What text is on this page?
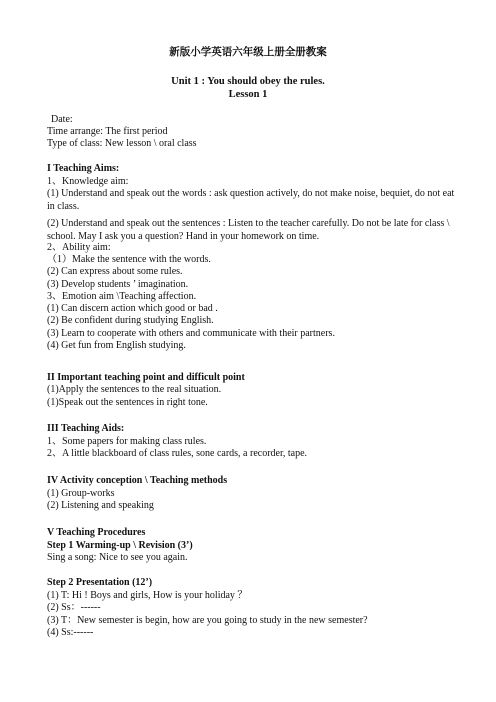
新版小学英语六年级上册全册教案
Unit 1 : You should obey the rules.
Lesson 1
Date:
Time arrange: The first period
Type of class: New lesson \ oral class
I Teaching Aims:
1、Knowledge aim:
(1) Understand and speak out the words : ask question actively, do not make noise, bequiet, do not eat in class.
(2) Understand and speak out the sentences : Listen to the teacher carefully. Do not be late for class \ school. May I ask you a question? Hand in your homework on time.
2、Ability aim:
（1）Make the sentence with the words.
(2) Can express about some rules.
(3) Develop students ’ imagination.
3、Emotion aim \Teaching affection.
(1) Can discern action which good or bad .
(2) Be confident during studying English.
(3) Learn to cooperate with others and communicate with their partners.
(4) Get fun from English studying.
II Important teaching point and difficult point
(1)Apply the sentences to the real situation.
(1)Speak out the sentences in right tone.
III Teaching Aids:
1、Some papers for making class rules.
2、A little blackboard of class rules, sone cards, a recorder, tape.
IV Activity conception \ Teaching methods
(1) Group-works
(2) Listening and speaking
V Teaching Procedures
Step 1 Warming-up \ Revision (3’)
Sing a song: Nice to see you again.
Step 2 Presentation (12’)
(1) T: Hi ! Boys and girls, How is your holiday ？
(2) Ss：------
(3) T：New semester is begin, how are you going to study in the new semester?
(4) Ss:------
